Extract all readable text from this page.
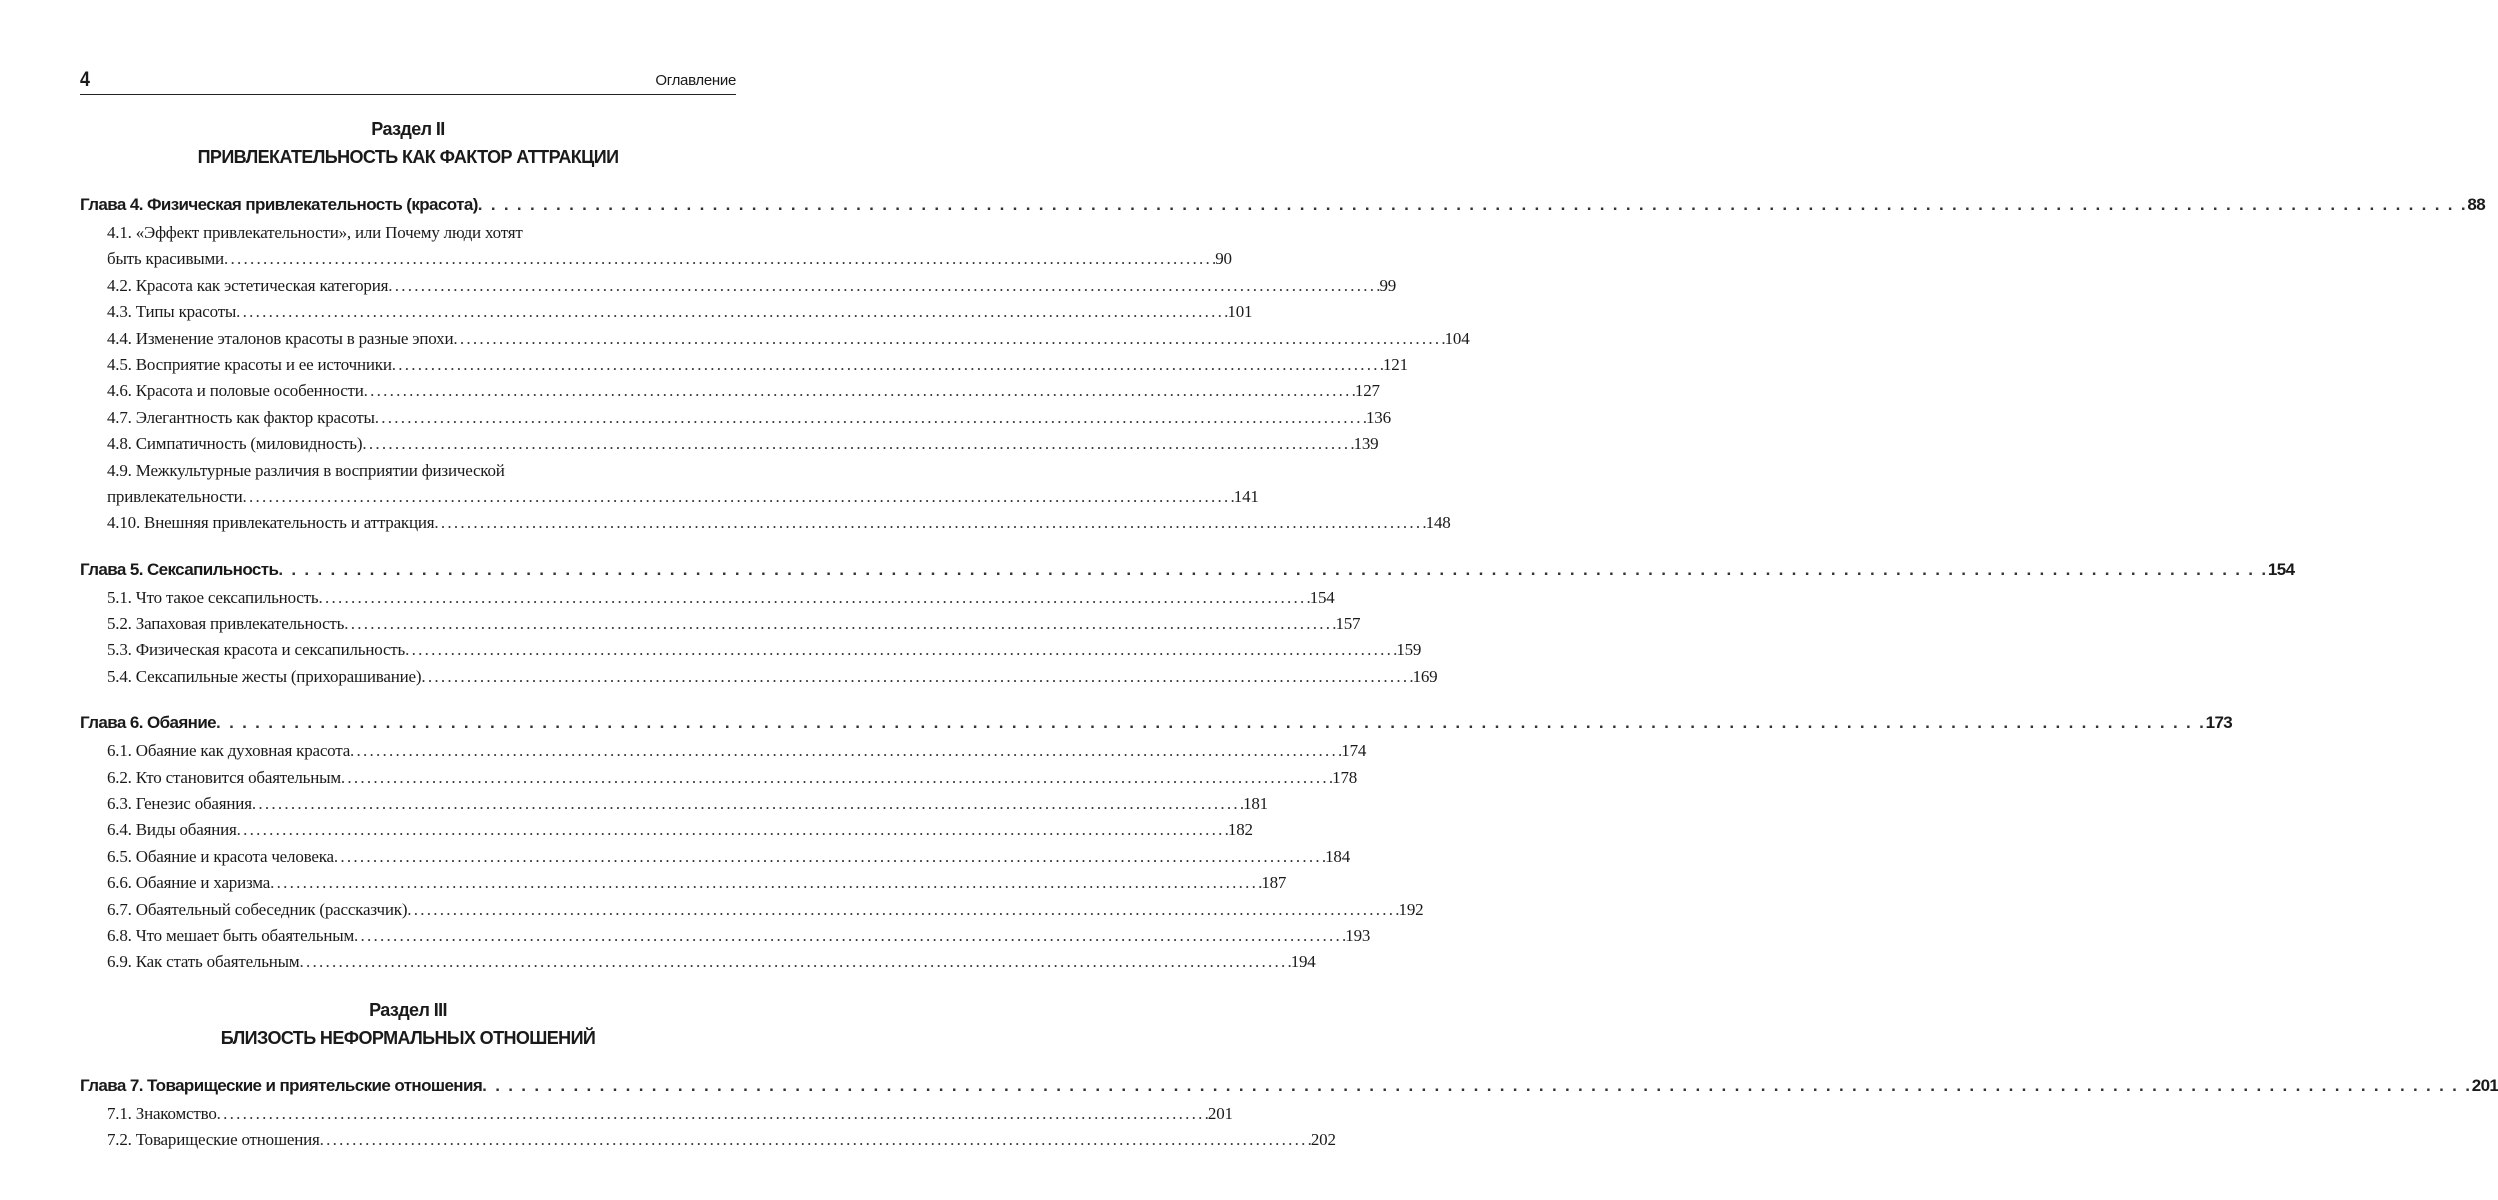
4	Оглавление
Раздел II
ПРИВЛЕКАТЕЛЬНОСТЬ КАК ФАКТОР АТТРАКЦИИ
Глава 4. Физическая привлекательность (красота) . . .	88
4.1. «Эффект привлекательности», или Почему люди хотят
быть красивыми . . .	90
4.2. Красота как эстетическая категория . . .	99
4.3. Типы красоты . . .	101
4.4. Изменение эталонов красоты в разные эпохи . . .	104
4.5. Восприятие красоты и ее источники . . .	121
4.6. Красота и половые особенности . . .	127
4.7. Элегантность как фактор красоты . . .	136
4.8. Симпатичность (миловидность) . . .	139
4.9. Межкультурные различия в восприятии физической
привлекательности . . .	141
4.10. Внешняя привлекательность и аттракция . . .	148
Глава 5. Сексапильность . . .	154
5.1. Что такое сексапильность . . .	154
5.2. Запаховая привлекательность . . .	157
5.3. Физическая красота и сексапильность . . .	159
5.4. Сексапильные жесты (прихорашивание) . . .	169
Глава 6. Обаяние . . .	173
6.1. Обаяние как духовная красота . . .	174
6.2. Кто становится обаятельным . . .	178
6.3. Генезис обаяния . . .	181
6.4. Виды обаяния . . .	182
6.5. Обаяние и красота человека . . .	184
6.6. Обаяние и харизма . . .	187
6.7. Обаятельный собеседник (рассказчик) . . .	192
6.8. Что мешает быть обаятельным . . .	193
6.9. Как стать обаятельным . . .	194
Раздел III
БЛИЗОСТЬ НЕФОРМАЛЬНЫХ ОТНОШЕНИЙ
Глава 7. Товарищеские и приятельские отношения . . .	201
7.1. Знакомство . . .	201
7.2. Товарищеские отношения . . .	202
